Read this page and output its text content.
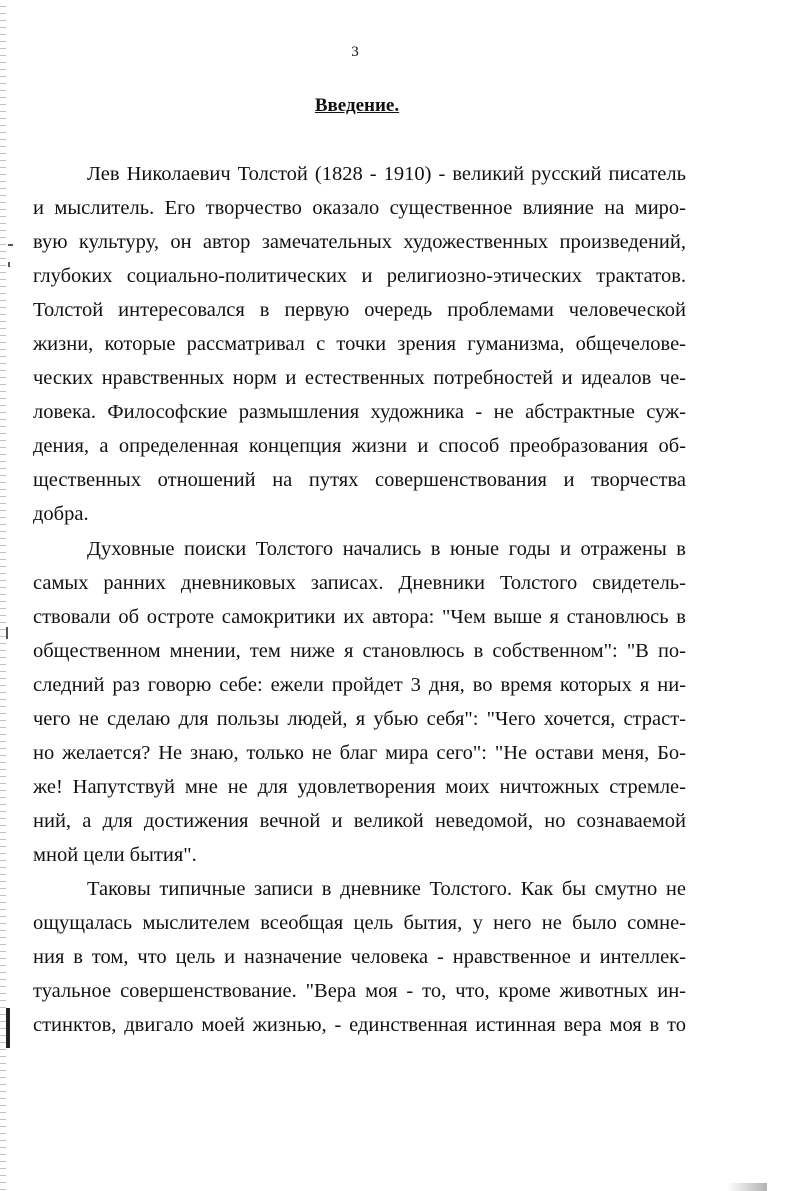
3
Введение.
Лев Николаевич Толстой (1828 - 1910) - великий русский писатель
и мыслитель. Его творчество оказало существенное влияние на миро-
вую культуру, он автор замечательных художественных произведений,
глубоких социально-политических и религиозно-этических трактатов.
Толстой интересовался в первую очередь проблемами человеческой
жизни, которые рассматривал с точки зрения гуманизма, общечелове-
ческих нравственных норм и естественных потребностей и идеалов че-
ловека. Философские размышления художника - не абстрактные суж-
дения, а определенная концепция жизни и способ преобразования об-
щественных отношений на путях совершенствования и творчества
добра.
Духовные поиски Толстого начались в юные годы и отражены в
самых ранних дневниковых записах. Дневники Толстого свидетель-
ствовали об остроте самокритики их автора: "Чем выше я становлюсь в
общественном мнении, тем ниже я становлюсь в собственном": "В по-
следний раз говорю себе: ежели пройдет 3 дня, во время которых я ни-
чего не сделаю для пользы людей, я убью себя": "Чего хочется, страст-
но желается? Не знаю, только не благ мира сего": "Не остави меня, Бо-
же! Напутствуй мне не для удовлетворения моих ничтожных стремле-
ний, а для достижения вечной и великой неведомой, но сознаваемой
мной цели бытия".
Таковы типичные записи в дневнике Толстого. Как бы смутно не
ощущалась мыслителем всеобщая цель бытия, у него не было сомне-
ния в том, что цель и назначение человека - нравственное и интеллек-
туальное совершенствование. "Вера моя - то, что, кроме животных ин-
стинктов, двигало моей жизнью, - единственная истинная вера моя в то
